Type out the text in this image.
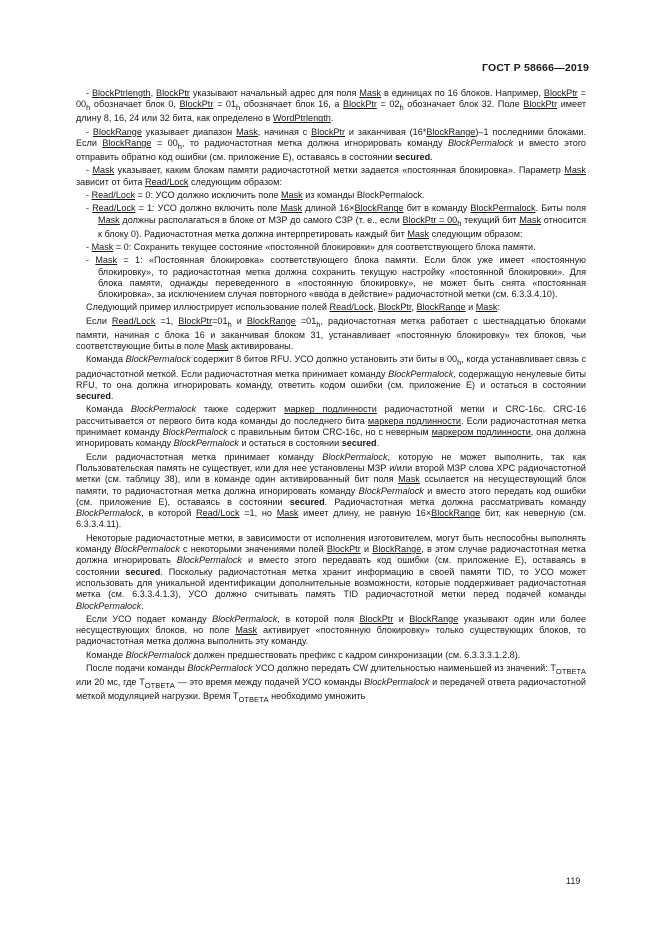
ГОСТ Р 58666—2019
- BlockPtrlength, BlockPtr указывают начальный адрес для поля Mask в единицах по 16 блоков. Например, BlockPtr = $00_h$ обозначает блок 0, BlockPtr = $01_h$ обозначает блок 16, а BlockPtr = $02_h$ обозначает блок 32. Поле BlockPtr имеет длину 8, 16, 24 или 32 бита, как определено в WordPtrlength.
- BlockRange указывает диапазон Mask, начиная с BlockPtr и заканчивая (16*BlockRange)–1 последними блоками. Если BlockRange = $00_h$, то радиочастотная метка должна игнорировать команду BlockPermalock и вместо этого отправить обратно код ошибки (см. приложение Е), оставаясь в состоянии secured.
- Mask указывает, каким блокам памяти радиочастотной метки задается «постоянная блокировка». Параметр Mask зависит от бита Read/Lock следующим образом:
- Read/Lock = 0: УСО должно исключить поле Mask из команды BlockPermalock.
- Read/Lock = 1: УСО должно включить поле Mask длиной 16×BlockRange бит в команду BlockPermalock. Биты поля Mask должны располагаться в блоке от МЗР до самого СЗР (т. е., если BlockPtr = $00_h$ текущий бит Mask относится к блоку 0). Радиочастотная метка должна интерпретировать каждый бит Mask следующим образом:
- Mask = 0: Сохранить текущее состояние «постоянной блокировки» для соответствующего блока памяти.
- Mask = 1: «Постоянная блокировка» соответствующего блока памяти. Если блок уже имеет «постоянную блокировку», то радиочастотная метка должна сохранить текущую настройку «постоянной блокировки». Для блока памяти, однажды переведенного в «постоянную блокировку», не может быть снята «постоянная блокировка», за исключением случая повторного «ввода в действие» радиочастотной метки (см. 6.3.3.4.10).
Следующий пример иллюстрирует использование полей Read/Lock, BlockPtr, BlockRange и Mask:
Если Read/Lock =1, $BlockPtr=01_h$ и BlockRange $=01_h$, радиочастотная метка работает с шестнадцатью блоками памяти, начиная с блока 16 и заканчивая блоком 31, устанавливает «постоянную блокировку» тех блоков, чьи соответствующие биты в поле Mask активированы.
Команда BlockPermalock содержит 8 битов RFU. УСО должно установить эти биты в $00_h$, когда устанавливает связь с радиочастотной меткой. Если радиочастотная метка принимает команду BlockPermalock, содержащую ненулевые биты RFU, то она должна игнорировать команду, ответить кодом ошибки (см. приложение Е) и остаться в состоянии secured.
Команда BlockPermalock также содержит маркер подлинности радиочастотной метки и CRC-16c. CRC-16 рассчитывается от первого бита кода команды до последнего бита маркера подлинности. Если радиочастотная метка принимает команду BlockPermalock с правильным битом CRC-16c, но с неверным маркером подлинности, она должна игнорировать команду BlockPermalock и остаться в состоянии secured.
Если радиочастотная метка принимает команду BlockPermalock, которую не может выполнить, так как Пользовательская память не существует, или для нее установлены МЗР и/или второй МЗР слова XPC радиочастотной метки (см. таблицу 38), или в команде один активированный бит поля Mask ссылается на несуществующий блок памяти, то радиочастотная метка должна игнорировать команду BlockPermalock и вместо этого передать код ошибки (см. приложение Е), оставаясь в состоянии secured. Радиочастотная метка должна рассматривать команду BlockPermalock, в которой Read/Lock =1, но Mask имеет длину, не равную 16×BlockRange бит, как неверную (см. 6.3.3.4.11).
Некоторые радиочастотные метки, в зависимости от исполнения изготовителем, могут быть неспособны выполнять команду BlockPermalock с некоторыми значениями полей BlockPtr и BlockRange, в этом случае радиочастотная метка должна игнорировать BlockPermalock и вместо этого передавать код ошибки (см. приложение Е), оставаясь в состоянии secured. Поскольку радиочастотная метка хранит информацию в своей памяти TID, то УСО может использовать для уникальной идентификации дополнительные возможности, которые поддерживает радиочастотная метка (см. 6.3.3.4.1.3), УСО должно считывать память TID радиочастотной метки перед подачей команды BlockPermalock.
Если УСО подает команду BlockPermalock, в которой поля BlockPtr и BlockRange указывают один или более несуществующих блоков, но поле Mask активирует «постоянную блокировку» только существующих блоков, то радиочастотная метка должна выполнить эту команду.
Команде BlockPermalock должен предшествовать префикс с кадром синхронизации (см. 6.3.3.3.1.2.8).
После подачи команды BlockPermalock УСО должно передать CW длительностью наименьшей из значений: $T_{ОТВЕТА}$ или 20 мс, где $T_{ОТВЕТА}$ — это время между подачей УСО команды BlockPermalock и передачей ответа радиочастотной меткой модуляцией нагрузки. Время $T_{ОТВЕТА}$ необходимо умножить
119
